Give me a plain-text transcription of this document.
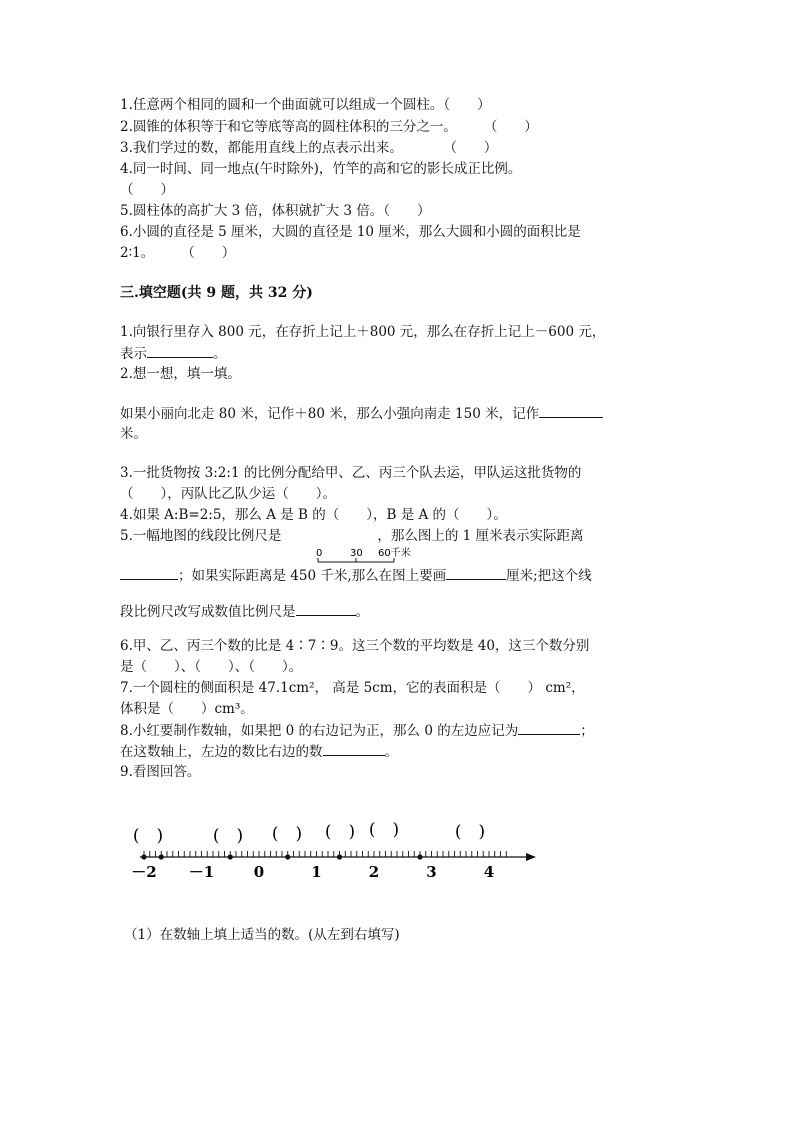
1.任意两个相同的圆和一个曲面就可以组成一个圆柱。（　　）
2.圆锥的体积等于和它等底等高的圆柱体积的三分之一。　　　（　　）
3.我们学过的数，都能用直线上的点表示出来。　　　　（　　）
4.同一时间、同一地点(午时除外)，竹竿的高和它的影长成正比例。
（　　）
5.圆柱体的高扩大 3 倍，体积就扩大 3 倍。（　　）
6.小圆的直径是 5 厘米，大圆的直径是 10 厘米，那么大圆和小圆的面积比是
2∶1。　　　（　　）
三.填空题(共 9 题，共 32 分)
1.向银行里存入 800 元，在存折上记上＋800 元，那么在存折上记上－600 元，
表示	。
2.想一想，填一填。
如果小丽向北走 80 米，记作＋80 米，那么小强向南走 150 米，记作
米。
3.一批货物按 3:2:1 的比例分配给甲、乙、丙三个队去运，甲队运这批货物的
（　　），丙队比乙队少运（　　）。
4.如果 A:B=2:5，那么 A 是 B 的（　　），B 是 A 的（　　）。
5.一幅地图的线段比例尺是	，那么图上的 1 厘米表示实际距离
0	30 60千米
；如果实际距离是 450 千米,那么在图上要画	厘米;把这个线
段比例尺改写成数值比例尺是	。
6.甲、乙、丙三个数的比是 4∶7∶9。这三个数的平均数是 40，这三个数分别
是（　　）、（　　）、（　　）。
7.一个圆柱的侧面积是 47.1cm²， 高是 5cm，它的表面积是（　　） cm²，
体积是（　　）cm³。
8.小红要制作数轴，如果把 0 的右边记为正，那么 0 的左边应记为	；
在这数轴上，左边的数比右边的数	。
9.看图回答。
－2 －1	0	1	2	3	4
(　)	(　) (　) (　) (　)	(　)
（1）在数轴上填上适当的数。(从左到右填写)
